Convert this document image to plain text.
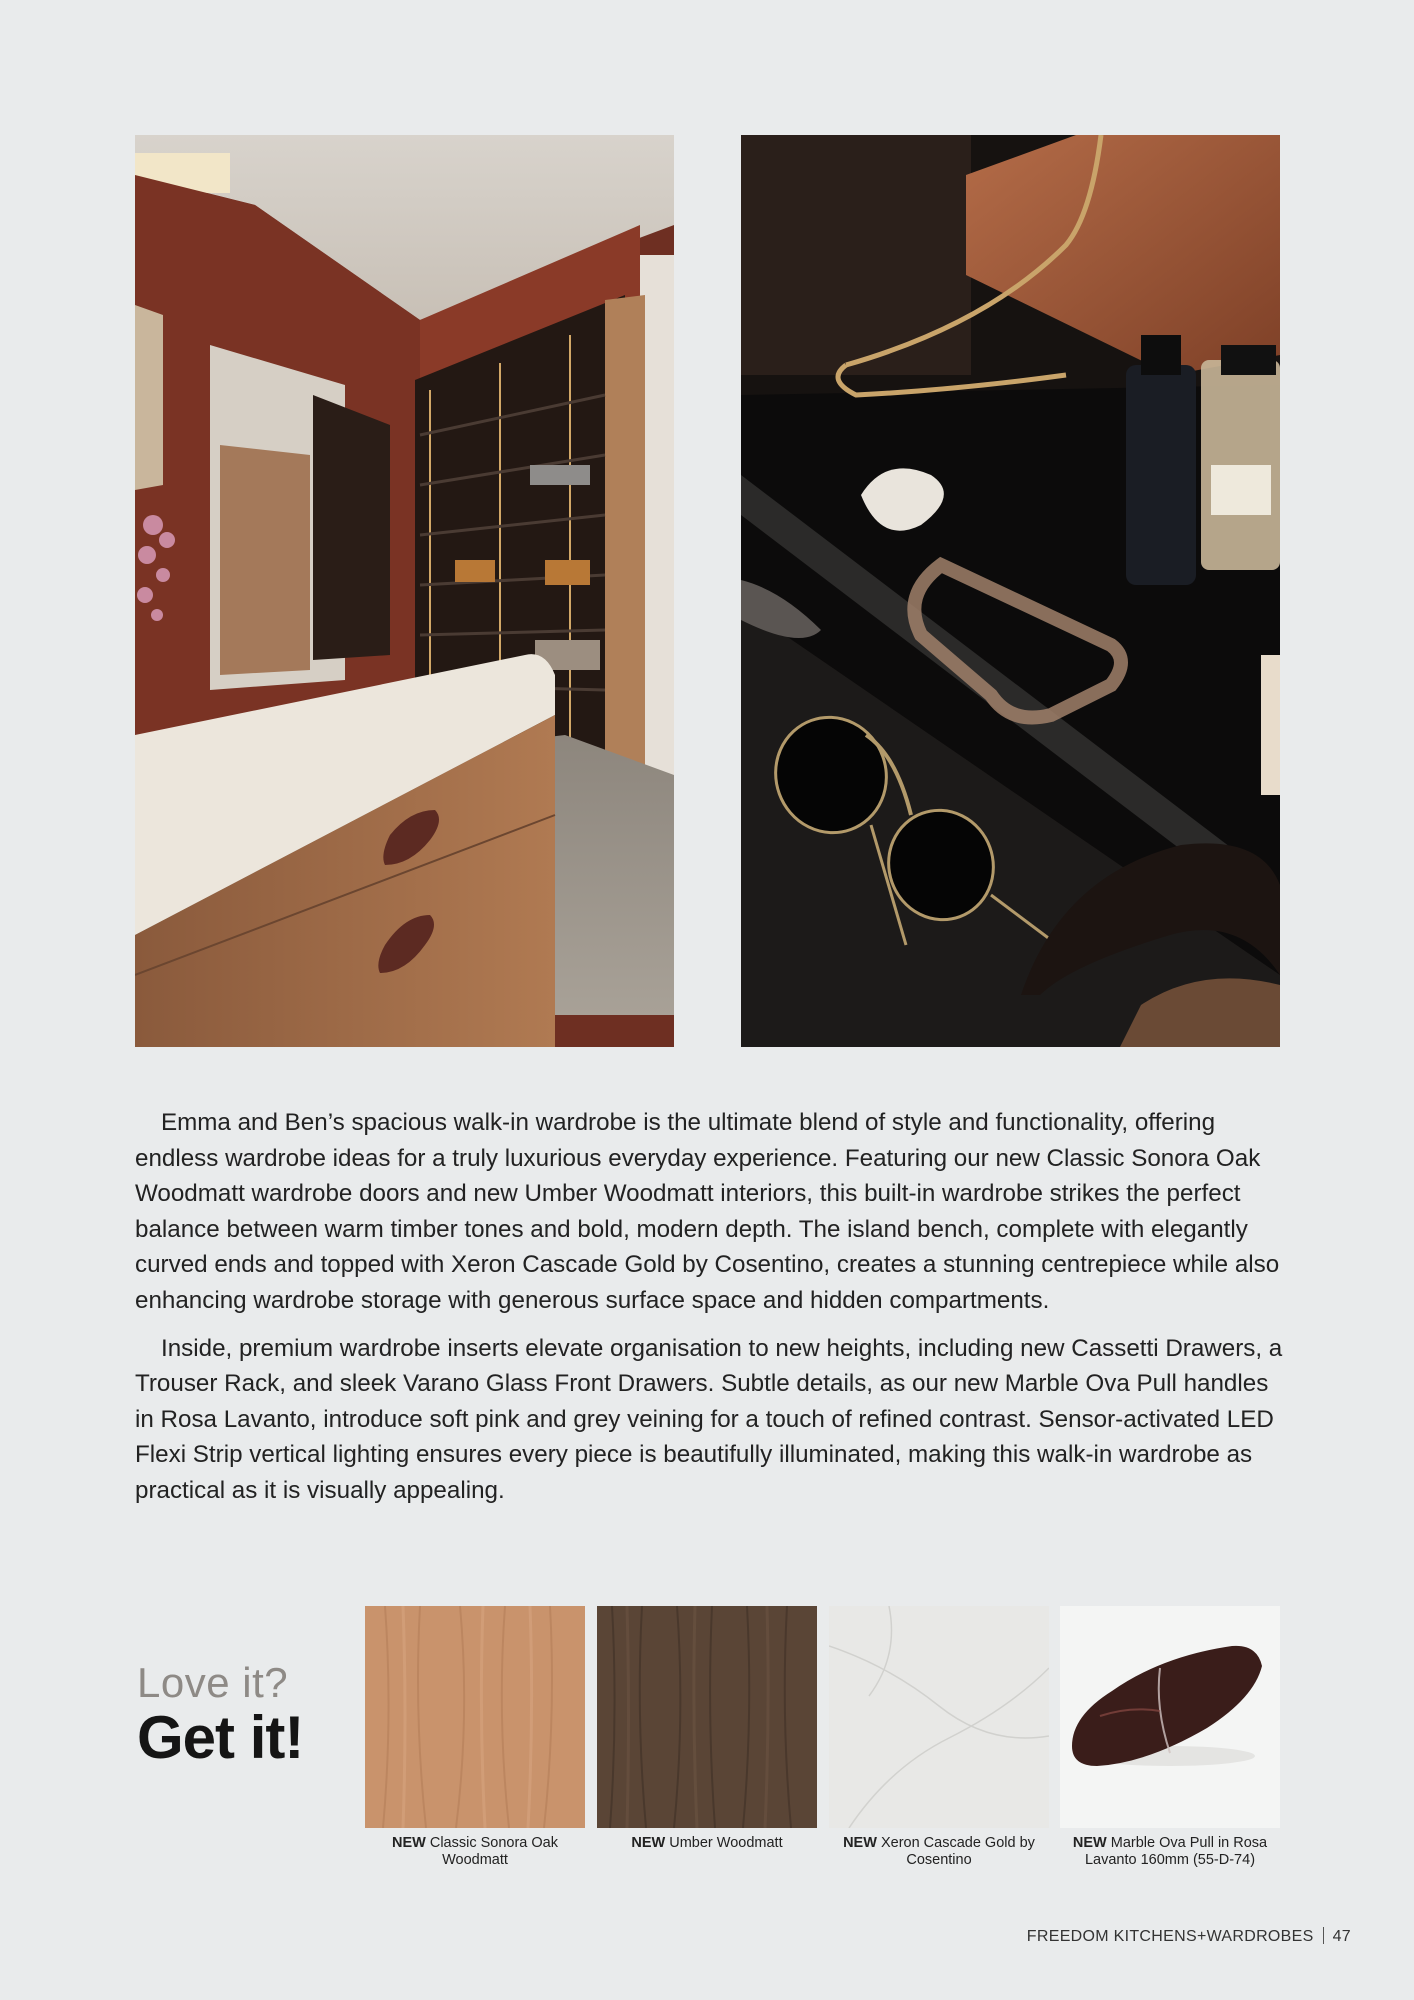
Emma and Ben’s spacious walk-in wardrobe is the ultimate blend of style and functionality, offering endless wardrobe ideas for a truly luxurious everyday experience. Featuring our new Classic Sonora Oak Woodmatt wardrobe doors and new Umber Woodmatt interiors, this built-in wardrobe strikes the perfect balance between warm timber tones and bold, modern depth. The island bench, complete with elegantly curved ends and topped with Xeron Cascade Gold by Cosentino, creates a stunning centrepiece while also enhancing wardrobe storage with generous surface space and hidden compartments.

Inside, premium wardrobe inserts elevate organisation to new heights, including new Cassetti Drawers, a Trouser Rack, and sleek Varano Glass Front Drawers. Subtle details, as our new Marble Ova Pull handles in Rosa Lavanto, introduce soft pink and grey veining for a touch of refined contrast. Sensor-activated LED Flexi Strip vertical lighting ensures every piece is beautifully illuminated, making this walk-in wardrobe as practical as it is visually appealing.

Love it?
Get it!
NEW Classic Sonora Oak Woodmatt
NEW Umber Woodmatt	NEW Xeron Cascade Gold by Cosentino
NEW Marble Ova Pull in Rosa Lavanto 160mm (55-D-74)
FREEDOM KITCHENS+WARDROBES 47
